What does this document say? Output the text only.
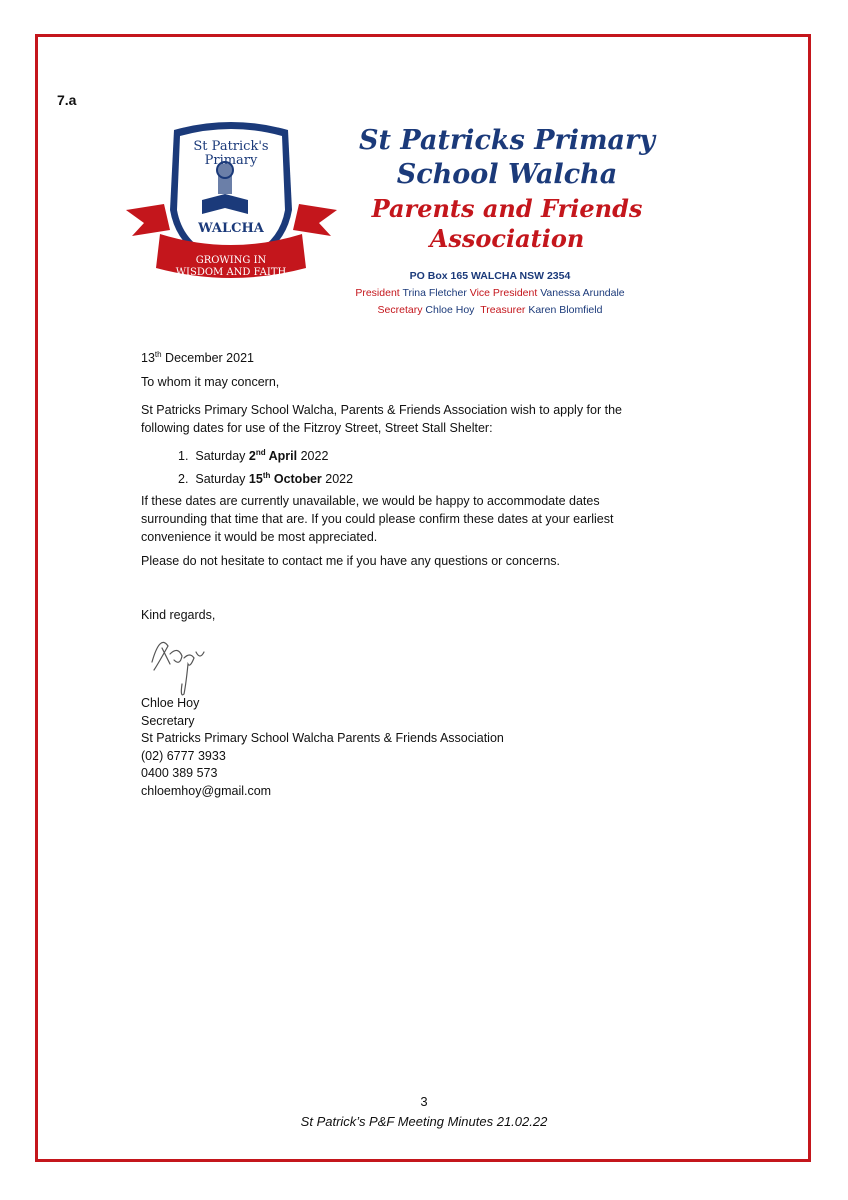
7.a
St Patrick's
Primary
WALCHA
GROWING IN
WISDOM AND FAITH
St Patricks Primary
School Walcha
Parents and Friends
Association
PO Box 165 WALCHA NSW 2354
President Trina Fletcher Vice President Vanessa Arundale
Secretary Chloe Hoy Treasurer Karen Blomfield
13th December 2021
To whom it may concern,
St Patricks Primary School Walcha, Parents & Friends Association wish to apply for the following dates for use of the Fitzroy Street, Street Stall Shelter:
1. Saturday 2nd April 2022
2. Saturday 15th October 2022
If these dates are currently unavailable, we would be happy to accommodate dates surrounding that time that are. If you could please confirm these dates at your earliest convenience it would be most appreciated.
Please do not hesitate to contact me if you have any questions or concerns.
Kind regards,
Chloe Hoy
Secretary
St Patricks Primary School Walcha Parents & Friends Association
(02) 6777 3933
0400 389 573
chloemhoy@gmail.com
3
St Patrick’s P&F Meeting Minutes 21.02.22
